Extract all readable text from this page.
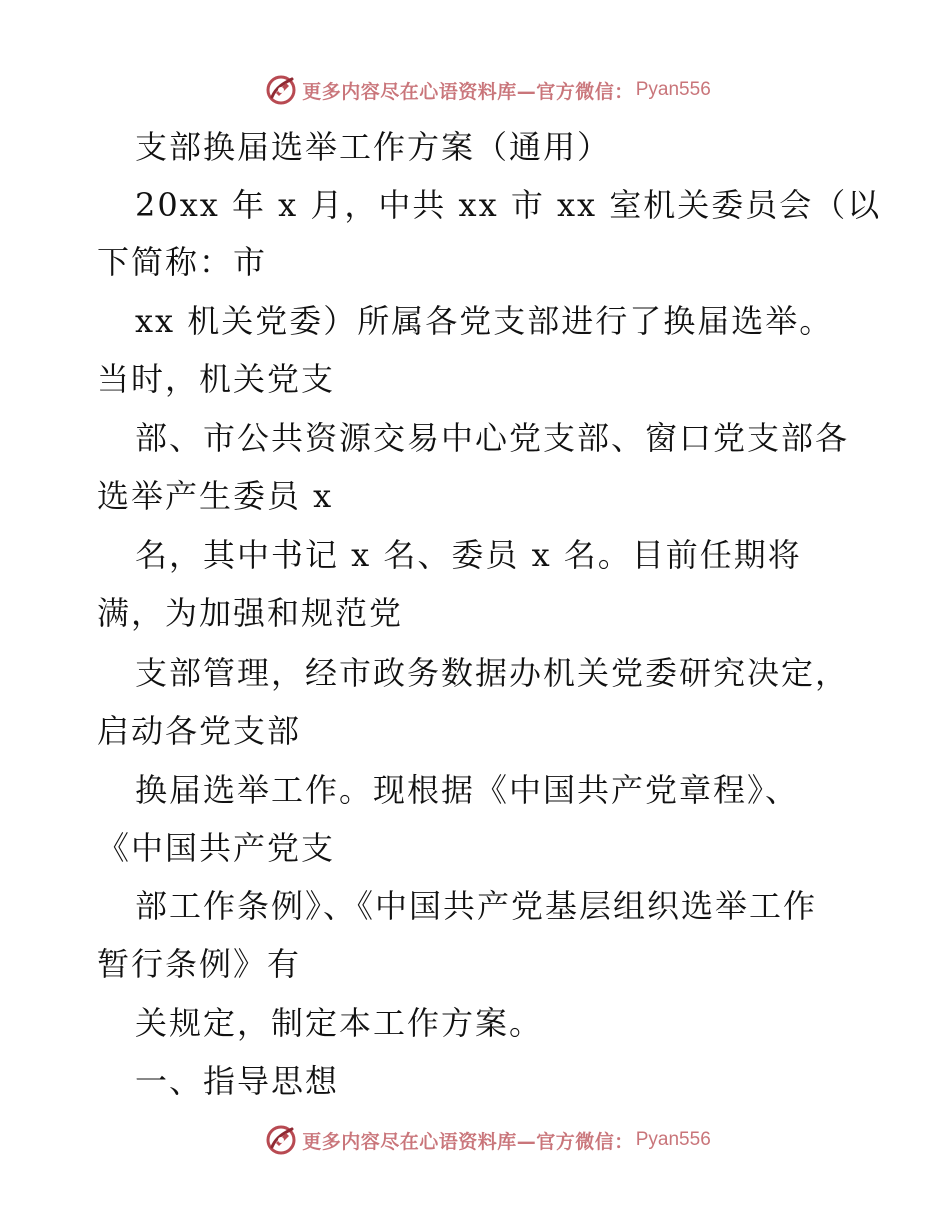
更多内容尽在心语资料库—官方微信： Pyan556
支部换届选举工作方案（通用）
20xx 年 x 月，中共 xx 市 xx 室机关委员会（以
下简称：市
xx 机关党委）所属各党支部进行了换届选举。
当时，机关党支
部、市公共资源交易中心党支部、窗口党支部各
选举产生委员 x
名，其中书记 x 名、委员 x 名。目前任期将
满，为加强和规范党
支部管理，经市政务数据办机关党委研究决定，
启动各党支部
换届选举工作。现根据《中国共产党章程》、
《中国共产党支
部工作条例》、《中国共产党基层组织选举工作
暂行条例》有
关规定，制定本工作方案。
一、指导思想
更多内容尽在心语资料库—官方微信： Pyan556
